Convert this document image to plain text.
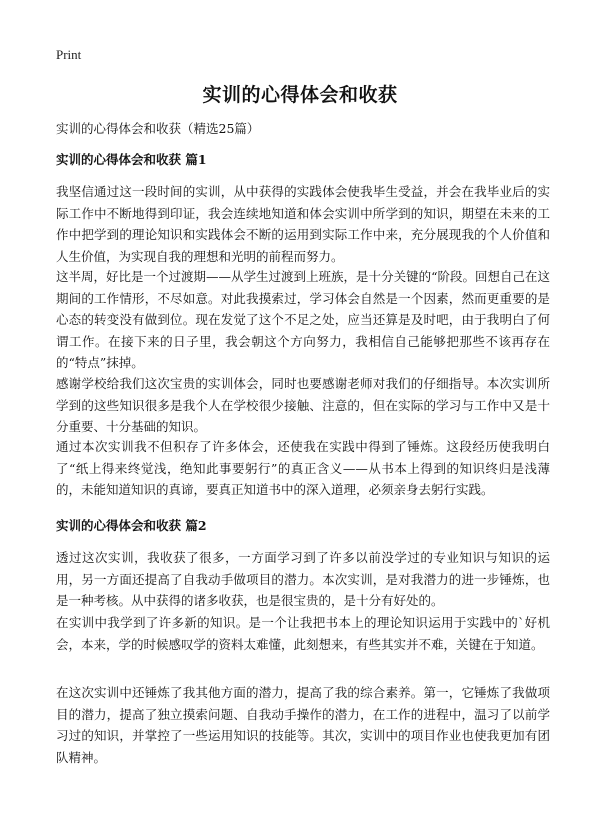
Print
实训的心得体会和收获

实训的心得体会和收获（精选25篇）

实训的心得体会和收获 篇1

我坚信通过这一段时间的实训，从中获得的实践体会使我毕生受益，并会在我毕业后的实际工作中不断地得到印证，我会连续地知道和体会实训中所学到的知识，期望在未来的工作中把学到的理论知识和实践体会不断的运用到实际工作中来，充分展现我的个人价值和人生价值，为实现自我的理想和光明的前程而努力。

这半周，好比是一个过渡期——从学生过渡到上班族，是十分关键的“阶段。回想自己在这期间的工作情形，不尽如意。对此我摸索过，学习体会自然是一个因素，然而更重要的是心态的转变没有做到位。现在发觉了这个不足之处，应当还算是及时吧，由于我明白了何谓工作。在接下来的日子里，我会朝这个方向努力，我相信自己能够把那些不该再存在的“特点”抹掉。

感谢学校给我们这次宝贵的实训体会，同时也要感谢老师对我们的仔细指导。本次实训所学到的这些知识很多是我个人在学校很少接触、注意的，但在实际的学习与工作中又是十分重要、十分基础的知识。

通过本次实训我不但积存了许多体会，还使我在实践中得到了锤炼。这段经历使我明白了“纸上得来终觉浅，绝知此事要躬行”的真正含义——从书本上得到的知识终归是浅薄的，未能知道知识的真谛，要真正知道书中的深入道理，必须亲身去躬行实践。

实训的心得体会和收获 篇2

透过这次实训，我收获了很多，一方面学习到了许多以前没学过的专业知识与知识的运用，另一方面还提高了自我动手做项目的潜力。本次实训，是对我潜力的进一步锤炼，也是一种考核。从中获得的诸多收获，也是很宝贵的，是十分有好处的。

在实训中我学到了许多新的知识。是一个让我把书本上的理论知识运用于实践中的`好机会，本来，学的时候感叹学的资料太难懂，此刻想来，有些其实并不难，关键在于知道。

在这次实训中还锤炼了我其他方面的潜力，提高了我的综合素养。第一，它锤炼了我做项目的潜力，提高了独立摸索问题、自我动手操作的潜力，在工作的进程中，温习了以前学习过的知识，并掌控了一些运用知识的技能等。其次，实训中的项目作业也使我更加有团队精神。
